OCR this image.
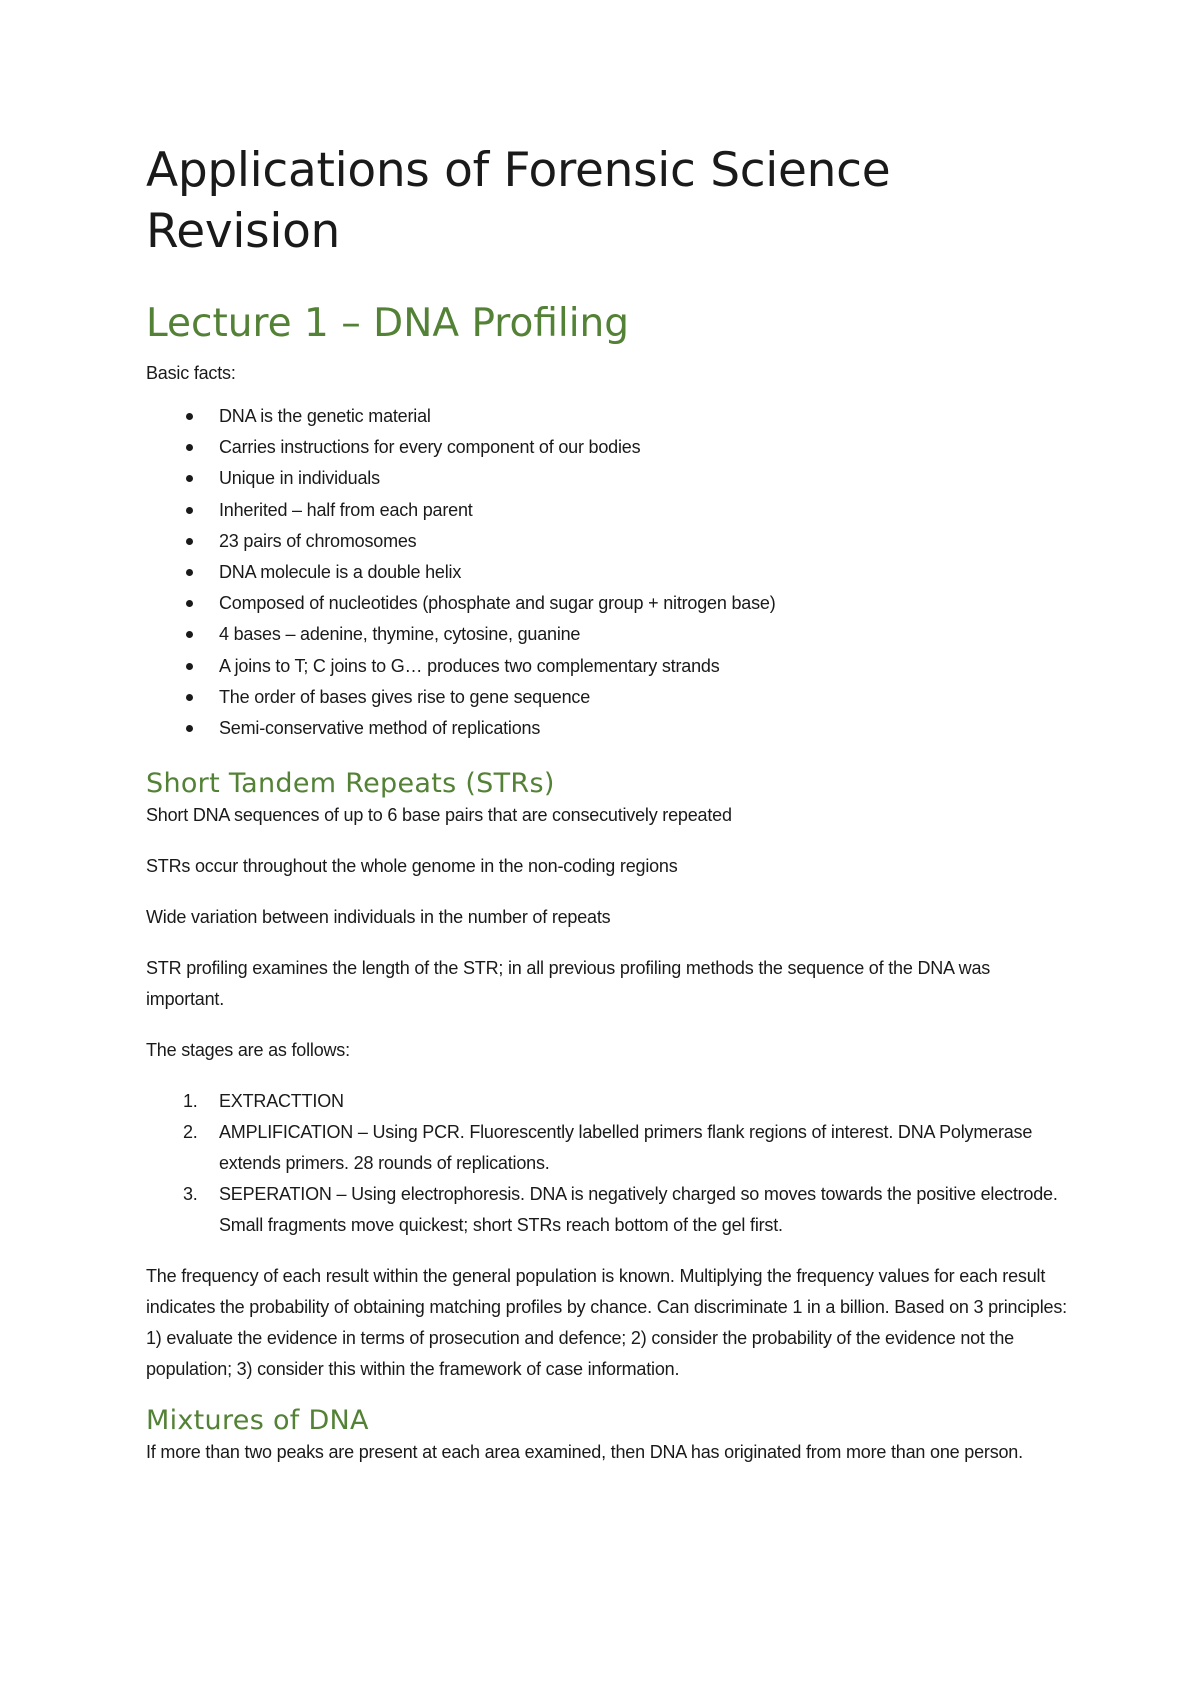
Applications of Forensic Science Revision
Lecture 1 – DNA Profiling

Basic facts:

DNA is the genetic material
Carries instructions for every component of our bodies
Unique in individuals
Inherited – half from each parent
23 pairs of chromosomes
DNA molecule is a double helix
Composed of nucleotides (phosphate and sugar group + nitrogen base)
4 bases – adenine, thymine, cytosine, guanine
A joins to T; C joins to G… produces two complementary strands
The order of bases gives rise to gene sequence
Semi-conservative method of replications
Short Tandem Repeats (STRs)

Short DNA sequences of up to 6 base pairs that are consecutively repeated

STRs occur throughout the whole genome in the non-coding regions

Wide variation between individuals in the number of repeats

STR profiling examines the length of the STR; in all previous profiling methods the sequence of the DNA was important.

The stages are as follows:

1. EXTRACTTION
2. AMPLIFICATION – Using PCR. Fluorescently labelled primers flank regions of interest. DNA Polymerase extends primers. 28 rounds of replications.
3. SEPERATION – Using electrophoresis. DNA is negatively charged so moves towards the positive electrode. Small fragments move quickest; short STRs reach bottom of the gel first.

The frequency of each result within the general population is known. Multiplying the frequency values for each result indicates the probability of obtaining matching profiles by chance. Can discriminate 1 in a billion. Based on 3 principles: 1) evaluate the evidence in terms of prosecution and defence; 2) consider the probability of the evidence not the population; 3) consider this within the framework of case information.

Mixtures of DNA

If more than two peaks are present at each area examined, then DNA has originated from more than one person.
